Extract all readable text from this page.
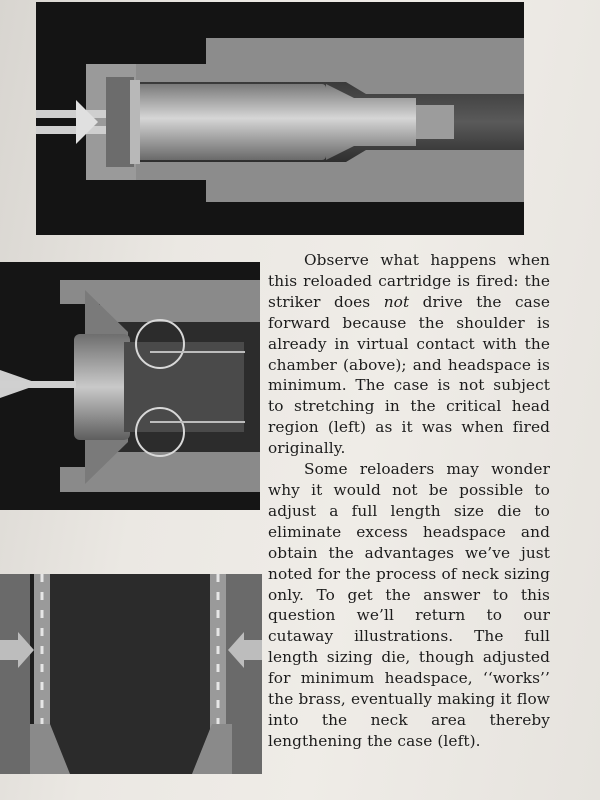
Observe what happens when this reloaded cartridge is fired: the striker does not drive the case forward because the shoulder is already in virtual contact with the chamber (above); and headspace is minimum. The case is not subject to stretching in the critical head region (left) as it was when fired originally.

Some reloaders may wonder why it would not be possible to adjust a full length size die to eliminate excess headspace and obtain the advantages we’ve just noted for the process of neck sizing only. To get the answer to this question we’ll return to our cutaway illustrations. The full length sizing die, though adjusted for minimum headspace, ‘‘works’’ the brass, eventually making it flow into the neck area thereby lengthening the case (left).
